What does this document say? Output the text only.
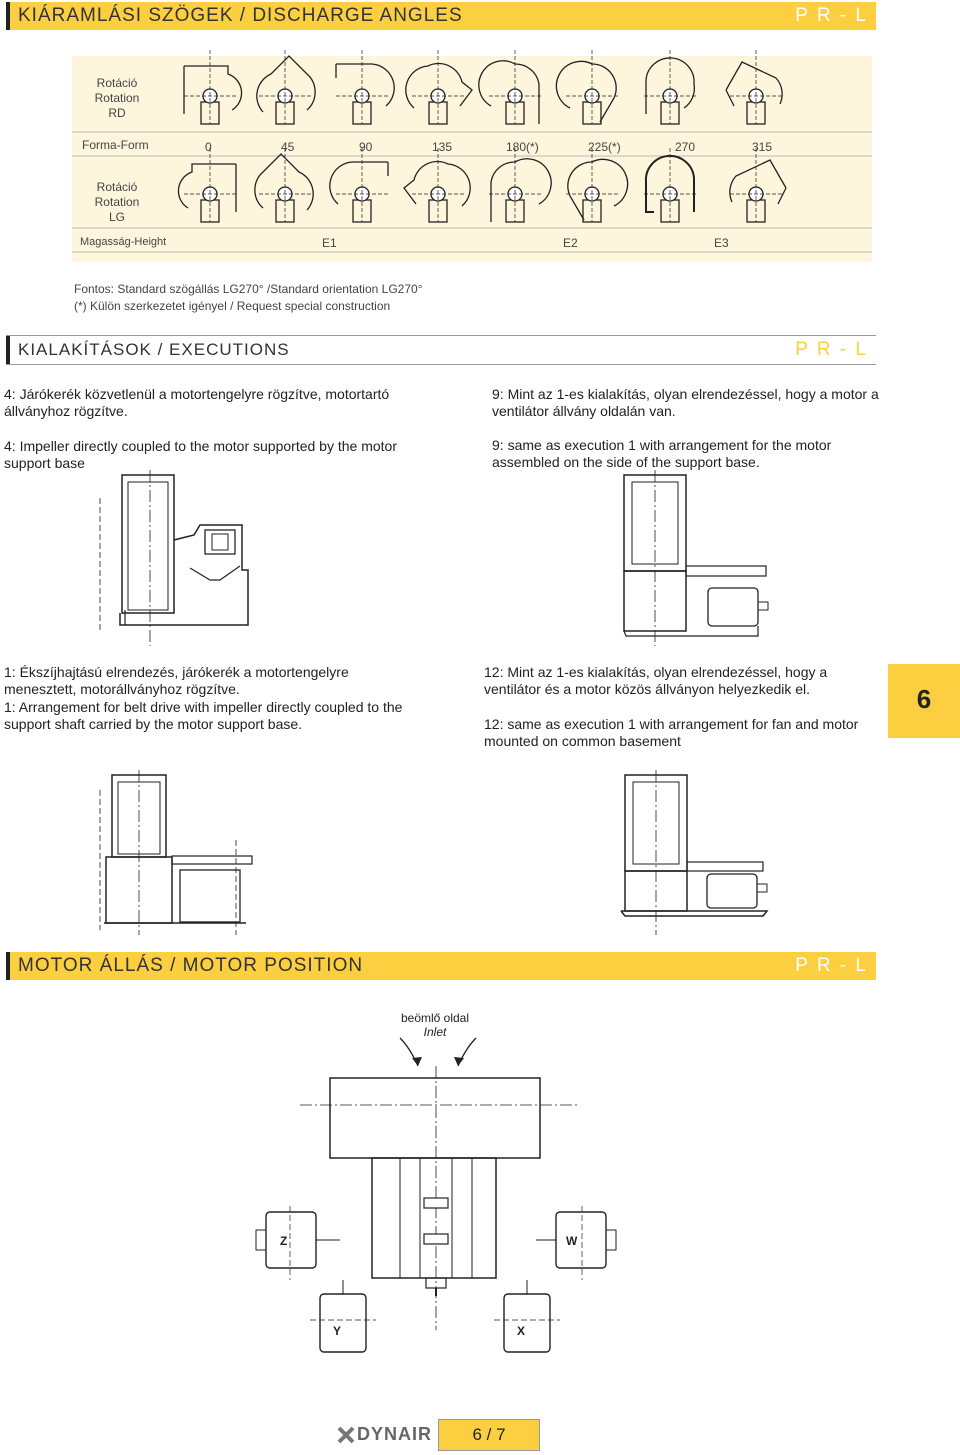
KIÁRAMLÁSI SZÖGEK / DISCHARGE ANGLES	P R - L
Rotáció
Rotation
RD
Rotáció
Rotation
LG
Forma-Form	0	45	90	135	180(*)	225(*)	270	315
Magasság-Height	E1	E2	E3
Fontos: Standard szögállás LG270° /Standard orientation LG270°
(*) Külön szerkezetet igényel / Request special construction
KIALAKÍTÁSOK / EXECUTIONS	P R - L
4: Járókerék közvetlenül a motortengelyre rögzítve, motortartó állványhoz rögzítve.
4: Impeller directly coupled to the motor supported by the motor support base
9: Mint az 1-es kialakítás, olyan elrendezéssel, hogy a motor a ventilátor állvány oldalán van.
9: same as execution 1 with arrangement for the motor assembled on the side of the support base.
6
1: Ékszíjhajtású elrendezés, járókerék a motortengelyre menesztett, motorállványhoz rögzítve.
1: Arrangement for belt drive with impeller directly coupled to the support shaft carried by the motor support base.
12: Mint az 1-es kialakítás, olyan elrendezéssel, hogy a ventilátor és a motor közös állványon helyezkedik el.
12: same as execution 1 with arrangement for fan and motor mounted on common basement
MOTOR ÁLLÁS / MOTOR POSITION	P R - L
beömlő oldal
Inlet
Z	W
Y	X
DYNAIR	6 / 7
